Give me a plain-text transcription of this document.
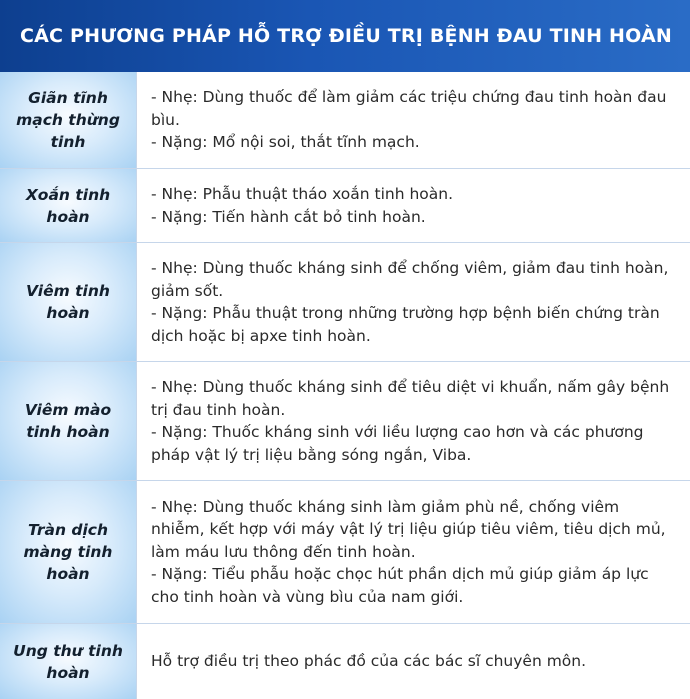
CÁC PHƯƠNG PHÁP HỖ TRỢ ĐIỀU TRỊ BỆNH ĐAU TINH HOÀN
Giãn tĩnh mạch thừng tinh
- Nhẹ: Dùng thuốc để làm giảm các triệu chứng đau tinh hoàn đau bìu.
- Nặng: Mổ nội soi, thắt tĩnh mạch.
Xoắn tinh hoàn
- Nhẹ: Phẫu thuật tháo xoắn tinh hoàn.
- Nặng: Tiến hành cắt bỏ tinh hoàn.
Viêm tinh hoàn
- Nhẹ: Dùng thuốc kháng sinh để chống viêm, giảm đau tinh hoàn, giảm sốt.
- Nặng: Phẫu thuật trong những trường hợp bệnh biến chứng tràn dịch hoặc bị apxe tinh hoàn.
Viêm mào tinh hoàn
- Nhẹ: Dùng thuốc kháng sinh để tiêu diệt vi khuẩn, nấm gây bệnh trị đau tinh hoàn.
- Nặng: Thuốc kháng sinh với liều lượng cao hơn và các phương pháp vật lý trị liệu bằng sóng ngắn, Viba.
Tràn dịch màng tinh hoàn
- Nhẹ: Dùng thuốc kháng sinh làm giảm phù nề, chống viêm nhiễm, kết hợp với máy vật lý trị liệu giúp tiêu viêm, tiêu dịch mủ, làm máu lưu thông đến tinh hoàn.
- Nặng: Tiểu phẫu hoặc chọc hút phần dịch mủ giúp giảm áp lực cho tinh hoàn và vùng bìu của nam giới.
Ung thư tinh hoàn
Hỗ trợ điều trị theo phác đồ của các bác sĩ chuyên môn.
